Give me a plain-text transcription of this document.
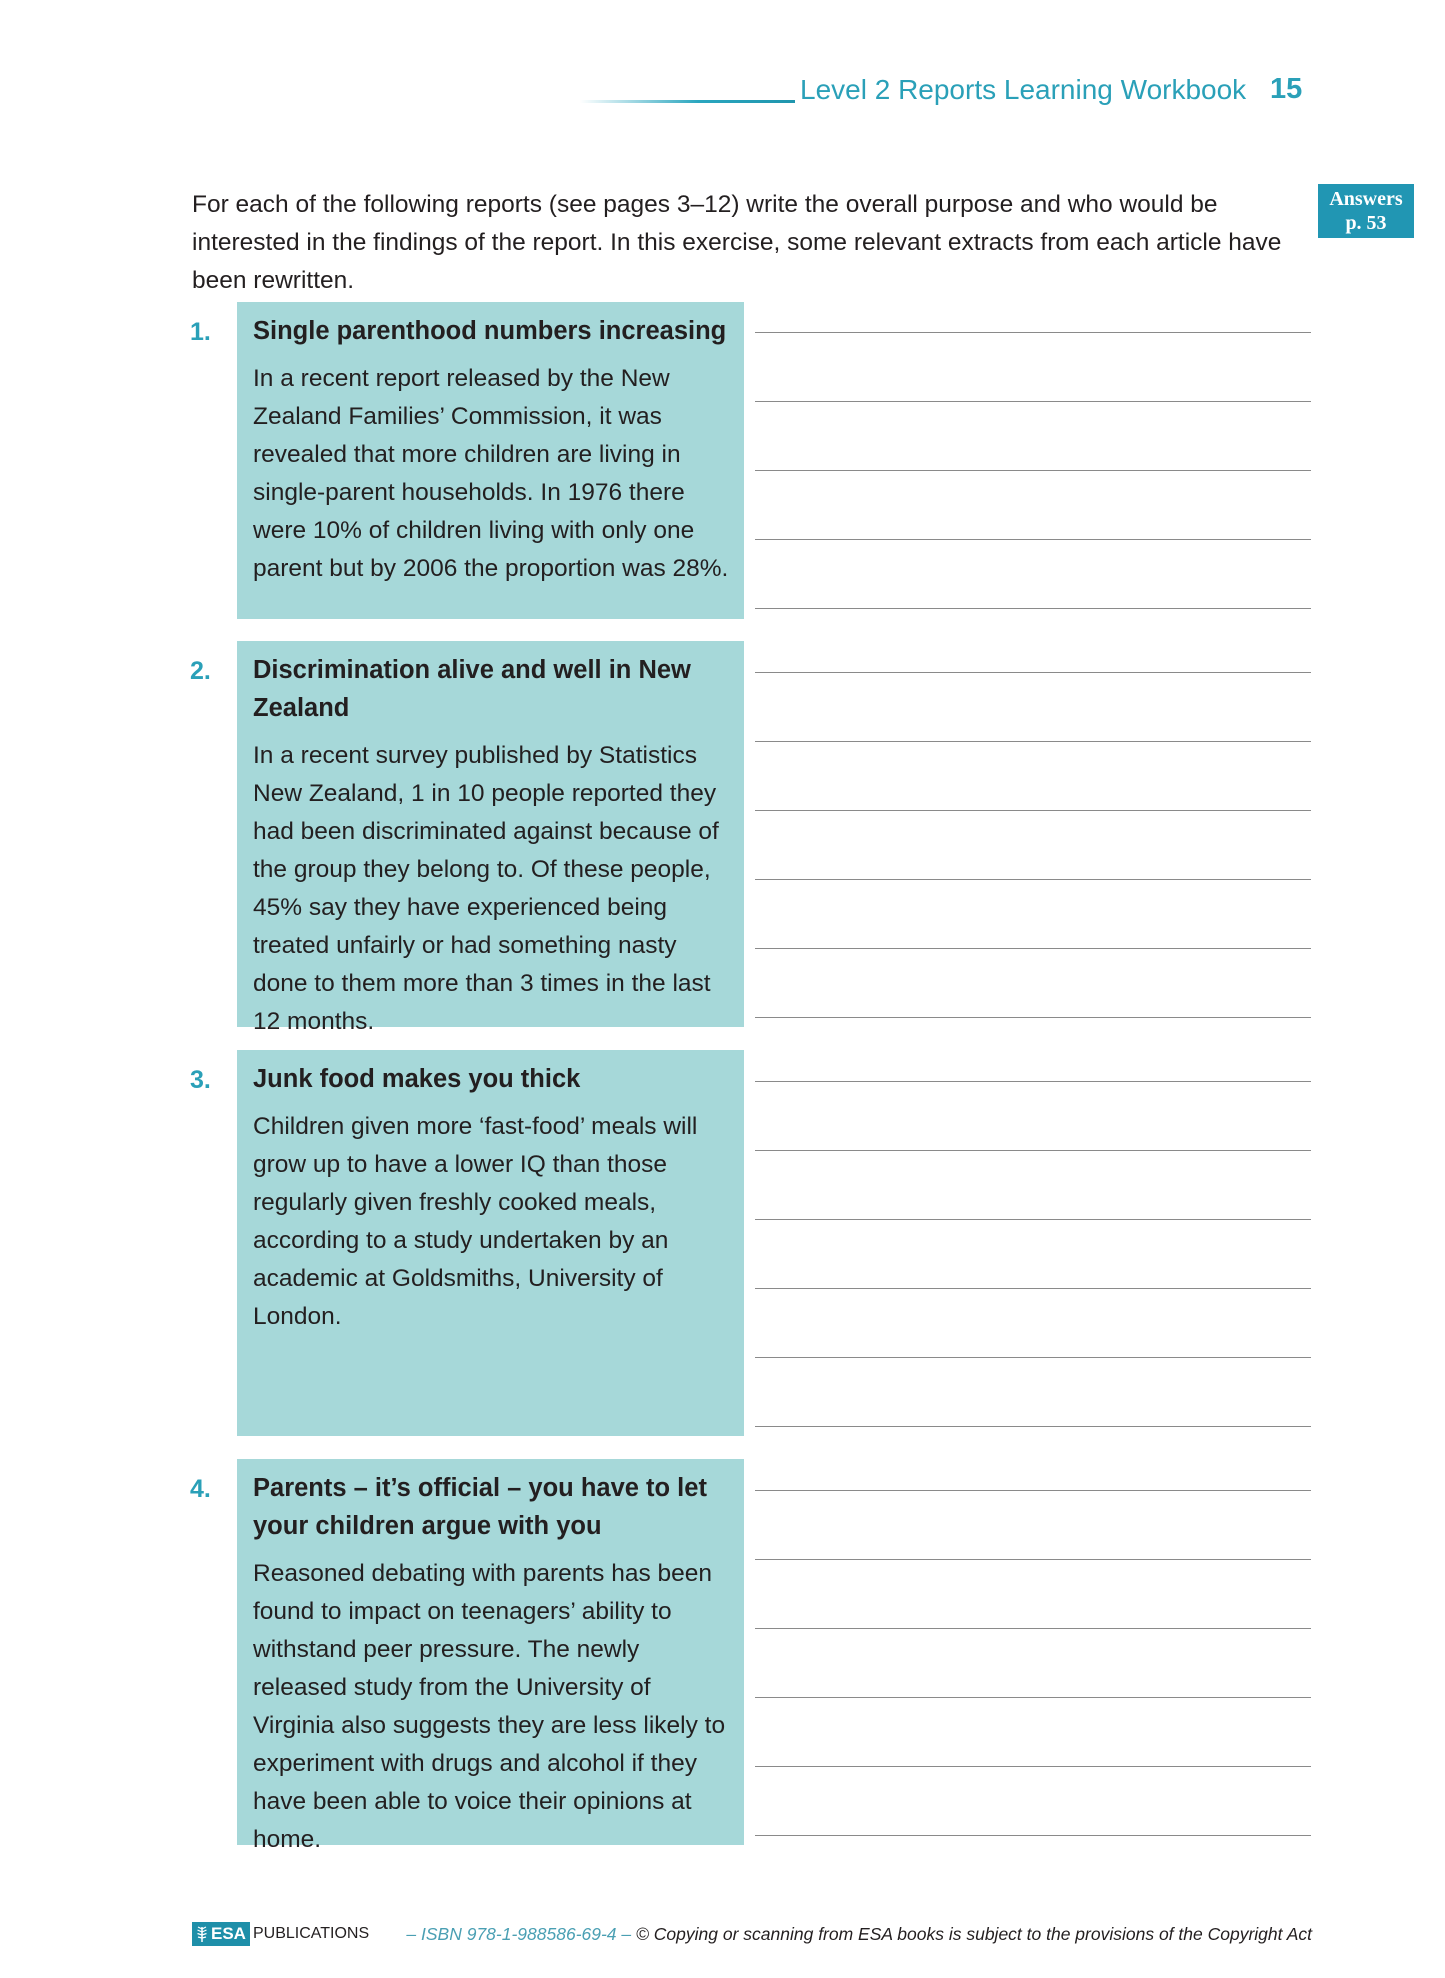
Level 2 Reports Learning Workbook 15
Answers
p. 53
For each of the following reports (see pages 3–12) write the overall purpose and who would be interested in the findings of the report. In this exercise, some relevant extracts from each article have been rewritten.
1. Single parenthood numbers increasing
In a recent report released by the New Zealand Families’ Commission, it was revealed that more children are living in single-parent households. In 1976 there were 10% of children living with only one parent but by 2006 the proportion was 28%.
2. Discrimination alive and well in New Zealand
In a recent survey published by Statistics New Zealand, 1 in 10 people reported they had been discriminated against because of the group they belong to. Of these people, 45% say they have experienced being treated unfairly or had something nasty done to them more than 3 times in the last 12 months.
3. Junk food makes you thick
Children given more ‘fast-food’ meals will grow up to have a lower IQ than those regularly given freshly cooked meals, according to a study undertaken by an academic at Goldsmiths, University of London.
4. Parents – it’s official – you have to let your children argue with you
Reasoned debating with parents has been found to impact on teenagers’ ability to withstand peer pressure. The newly released study from the University of Virginia also suggests they are less likely to experiment with drugs and alcohol if they have been able to voice their opinions at home.
ESA PUBLICATIONS – ISBN 978-1-988586-69-4 – © Copying or scanning from ESA books is subject to the provisions of the Copyright Act
